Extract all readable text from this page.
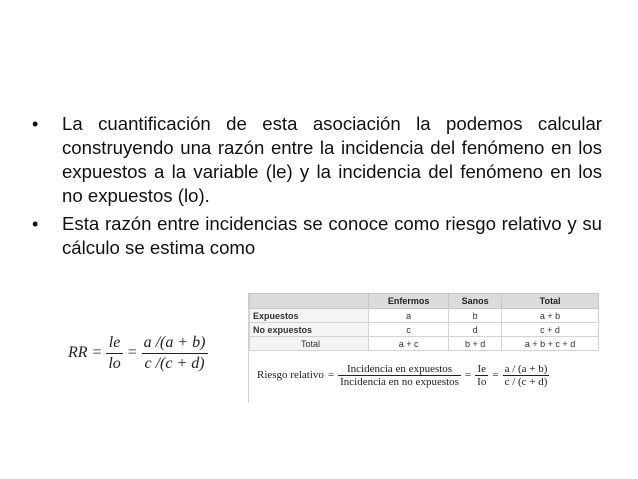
• La cuantificación de esta asociación la podemos calcular construyendo una razón entre la incidencia del fenómeno en los expuestos a la variable (le) y la incidencia del fenómeno en los no expuestos (lo).
• Esta razón entre incidencias se conoce como riesgo relativo y su cálculo se estima como
RR = $\frac{le}{lo} = \frac{a /(a + b)}{c /(c + d)}$
	Enfermos	Sanos	Total
Expuestos	a	b	a + b
No expuestos	c	d	c + d
Total	a + c	b + d	a + b + c + d
Riesgo relativo = $\frac{\text{Incidencia en expuestos}}{\text{Incidencia en no expuestos}} = \frac{Ie}{Io} = \frac{a / (a + b)}{c / (c + d)}$
